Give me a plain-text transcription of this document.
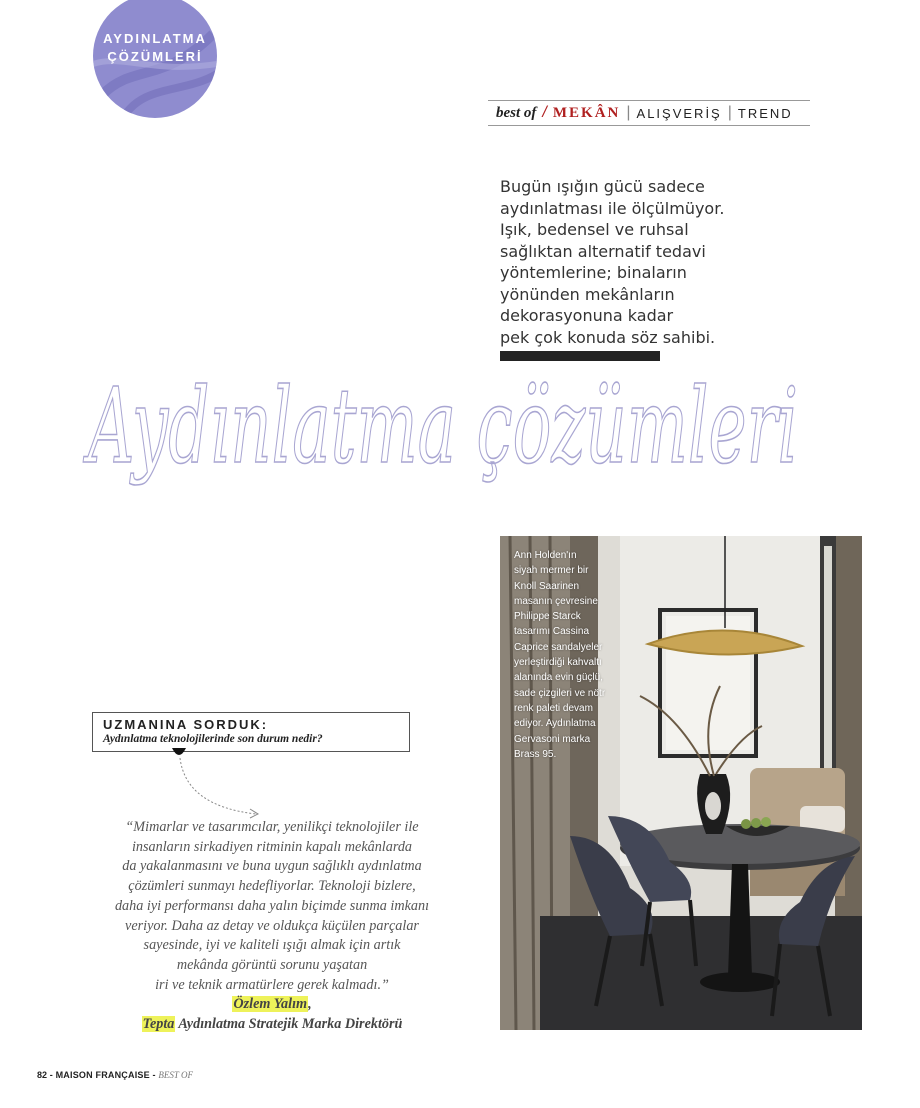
AYDINLATMA
ÇÖZÜMLERİ
best of / MEKÂN | ALIŞVERİŞ | TREND
Bugün ışığın gücü sadece
aydınlatması ile ölçülmüyor.
Işık, bedensel ve ruhsal
sağlıktan alternatif tedavi
yöntemlerine; binaların
yönünden mekânların
dekorasyonuna kadar
pek çok konuda söz sahibi.
Aydınlatma çözümleri
Ann Holden'ın
siyah mermer bir
Knoll Saarinen
masanın çevresine
Philippe Starck
tasarımı Cassina
Caprice sandalyeler
yerleştirdiği kahvaltı
alanında evin güçlü,
sade çizgileri ve nötr
renk paleti devam
ediyor. Aydınlatma
Gervasoni marka
Brass 95.
UZMANINA SORDUK:
Aydınlatma teknolojilerinde son durum nedir?
“Mimarlar ve tasarımcılar, yenilikçi teknolojiler ile
insanların sirkadiyen ritminin kapalı mekânlarda
da yakalanmasını ve buna uygun sağlıklı aydınlatma
çözümleri sunmayı hedefliyorlar. Teknoloji bizlere,
daha iyi performansı daha yalın biçimde sunma imkanı
veriyor. Daha az detay ve oldukça küçülen parçalar
sayesinde, iyi ve kaliteli ışığı almak için artık
mekânda görüntü sorunu yaşatan
iri ve teknik armatürlere gerek kalmadı.”
Özlem Yalım,
Tepta Aydınlatma Stratejik Marka Direktörü
82 - MAISON FRANÇAISE - BEST OF
